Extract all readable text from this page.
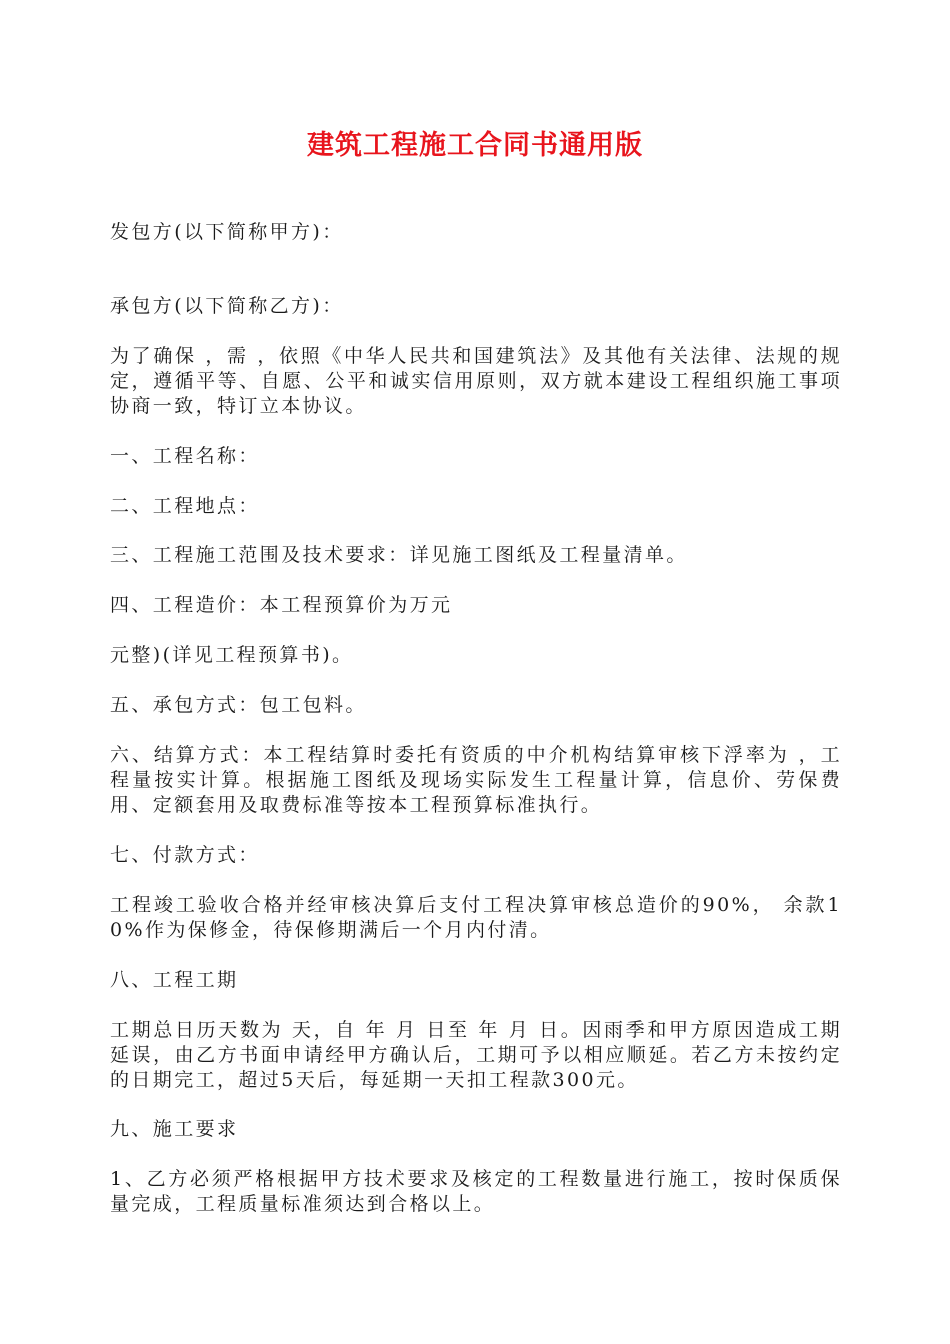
建筑工程施工合同书通用版
发包方(以下简称甲方)：
承包方(以下简称乙方)：
为了确保 ，需 ，依照《中华人民共和国建筑法》及其他有关法律、法规的规定，遵循平等、自愿、公平和诚实信用原则，双方就本建设工程组织施工事项协商一致，特订立本协议。
一、工程名称：
二、工程地点：
三、工程施工范围及技术要求：详见施工图纸及工程量清单。
四、工程造价：本工程预算价为万元
元整)(详见工程预算书)。
五、承包方式：包工包料。
六、结算方式：本工程结算时委托有资质的中介机构结算审核下浮率为 ，工程量按实计算。根据施工图纸及现场实际发生工程量计算，信息价、劳保费用、定额套用及取费标准等按本工程预算标准执行。
七、付款方式：
工程竣工验收合格并经审核决算后支付工程决算审核总造价的90%， 余款10%作为保修金，待保修期满后一个月内付清。
八、工程工期
工期总日历天数为 天，自 年 月 日至 年 月 日。因雨季和甲方原因造成工期延误，由乙方书面申请经甲方确认后，工期可予以相应顺延。若乙方未按约定的日期完工，超过5天后，每延期一天扣工程款300元。
九、施工要求
1、乙方必须严格根据甲方技术要求及核定的工程数量进行施工，按时保质保量完成，工程质量标准须达到合格以上。
